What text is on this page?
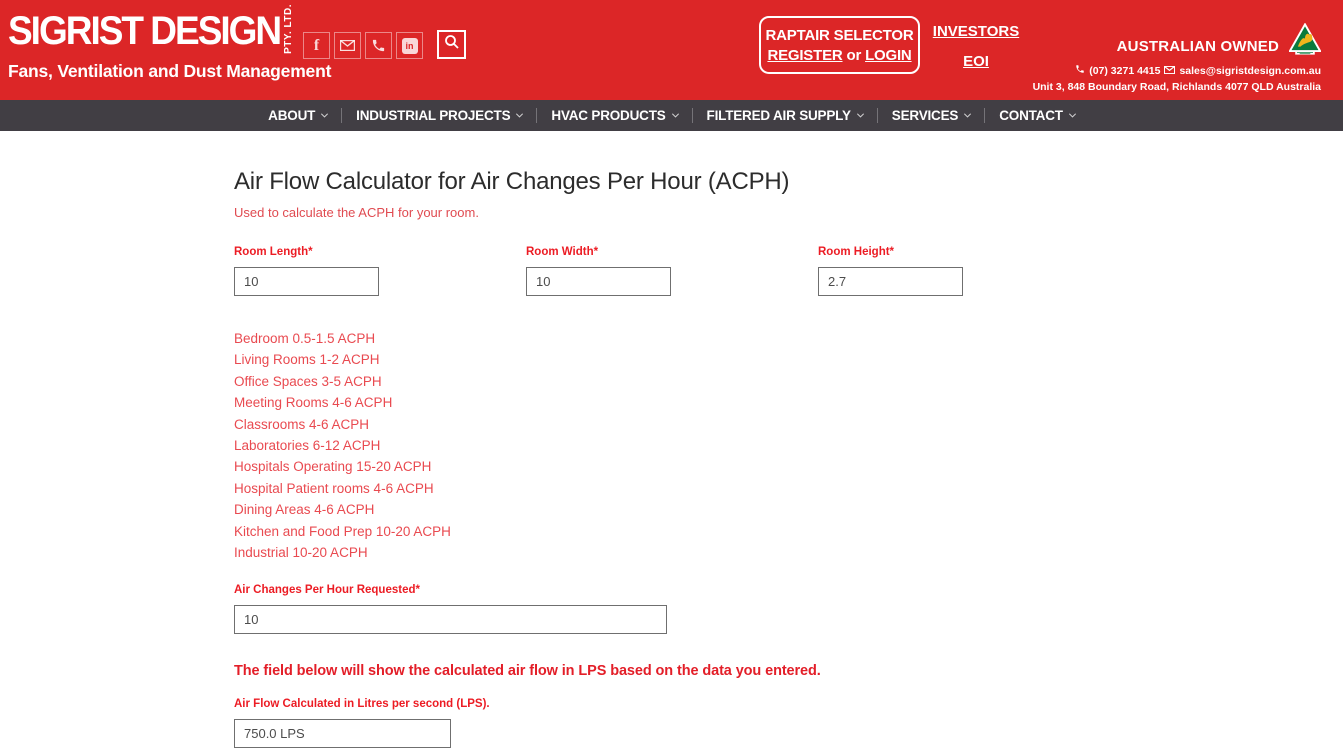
SIGRIST DESIGN PTY. LTD.
Fans, Ventilation and Dust Management
f	in
RAPTAIR SELECTOR
REGISTER or LOGIN
INVESTORS
EOI
AUSTRALIAN OWNED
(07) 3271 4415 sales@sigristdesign.com.au
Unit 3, 848 Boundary Road, Richlands 4077 QLD Australia
ABOUT	INDUSTRIAL PROJECTS	HVAC PRODUCTS	FILTERED AIR SUPPLY	SERVICES	CONTACT
Air Flow Calculator for Air Changes Per Hour (ACPH)
Used to calculate the ACPH for your room.
Room Length*
10	Room Width*
10	Room Height*
2.7
Bedroom 0.5-1.5 ACPH
Living Rooms 1-2 ACPH
Office Spaces 3-5 ACPH
Meeting Rooms 4-6 ACPH
Classrooms 4-6 ACPH
Laboratories 6-12 ACPH
Hospitals Operating 15-20 ACPH
Hospital Patient rooms 4-6 ACPH
Dining Areas 4-6 ACPH
Kitchen and Food Prep 10-20 ACPH
Industrial 10-20 ACPH
Air Changes Per Hour Requested*
10
The field below will show the calculated air flow in LPS based on the data you entered.
Air Flow Calculated in Litres per second (LPS).
750.0 LPS
